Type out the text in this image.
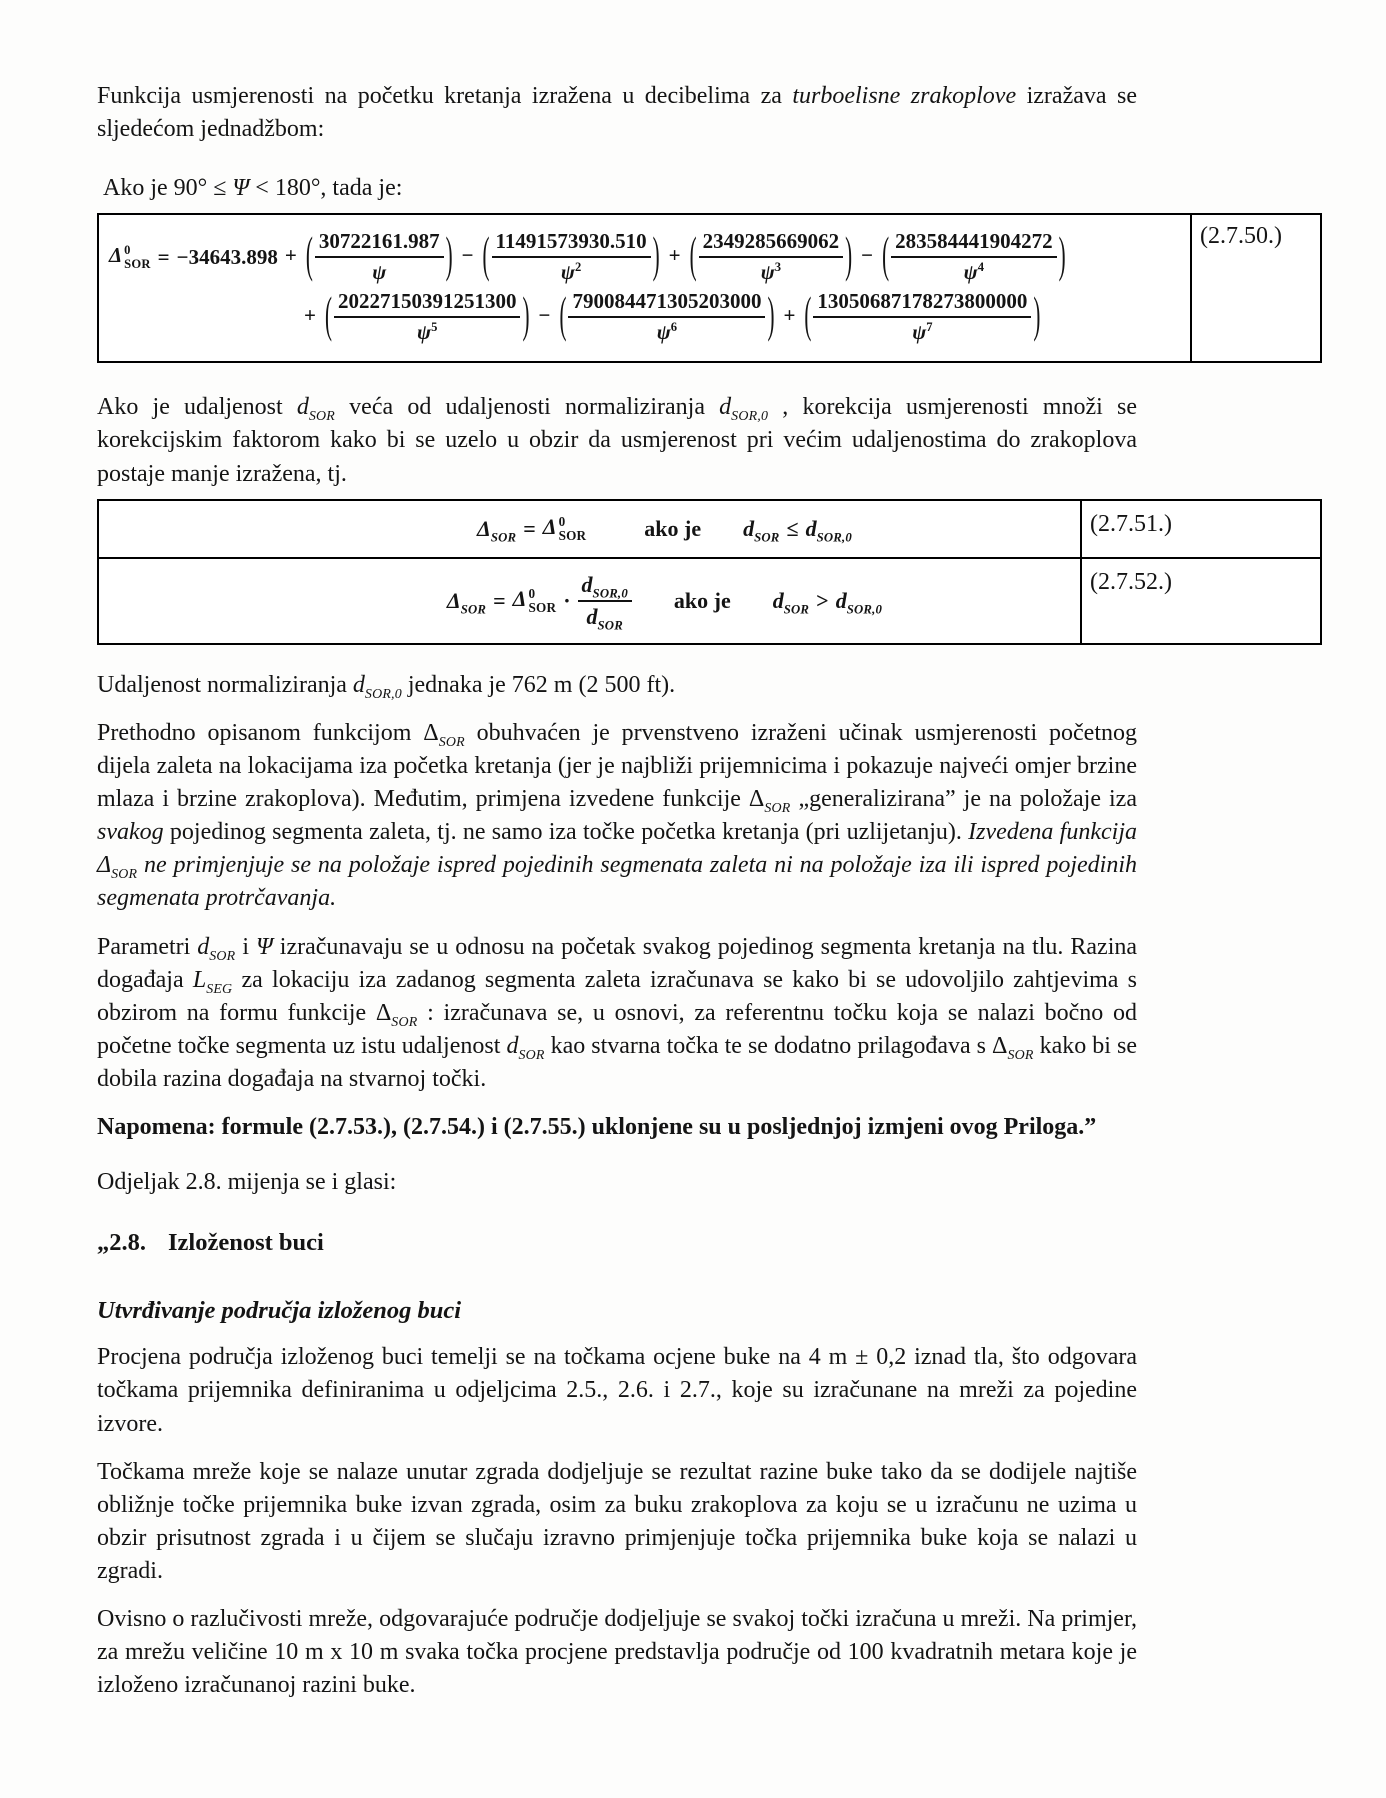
Funkcija usmjerenosti na početku kretanja izražena u decibelima za turboelisne zrakoplove izražava se sljedećom jednadžbom:

Ako je 90° ≤ Ψ < 180°, tada je:

Δ 0
SOR = −34643.898 + ( $\frac{30722161.987}{\psi}$ ) − ( $\frac{11491573930.510}{\psi^2}$ ) + ( $\frac{2349285669062}{\psi^3}$ ) − ( $\frac{283584441904272}{\psi^4}$ )
+ ( $\frac{20227150391251300}{\psi^5}$ ) − ( $\frac{790084471305203000}{\psi^6}$ ) + ( $\frac{13050687178273800000}{\psi^7}$ )
(2.7.50.)

Ako je udaljenost $d_{SOR}$ veća od udaljenosti normaliziranja $d_{SOR,0}$ , korekcija usmjerenosti množi se korekcijskim faktorom kako bi se uzelo u obzir da usmjerenost pri većim udaljenostima do zrakoplova postaje manje izražena, tj.

$\Delta_{SOR} = \Delta$ 0
SOR	ako je $d_{SOR} \le d_{SOR,0}$
(2.7.51.)
$\Delta_{SOR} = \Delta$ 0
SOR · $\frac{d_{SOR,0}}{d_{SOR}}$ ako je $d_{SOR} > d_{SOR,0}$
(2.7.52.)

Udaljenost normaliziranja $d_{SOR,0}$ jednaka je 762 m (2 500 ft).

Prethodno opisanom funkcijom $\Delta_{SOR}$ obuhvaćen je prvenstveno izraženi učinak usmjerenosti početnog dijela zaleta na lokacijama iza početka kretanja (jer je najbliži prijemnicima i pokazuje najveći omjer brzine mlaza i brzine zrakoplova). Međutim, primjena izvedene funkcije $\Delta_{SOR}$ „generalizirana” je na položaje iza svakog pojedinog segmenta zaleta, tj. ne samo iza točke početka kretanja (pri uzlijetanju). Izvedena funkcija $\Delta_{SOR}$ ne primjenjuje se na položaje ispred pojedinih segmenata zaleta ni na položaje iza ili ispred pojedinih segmenata protrčavanja.

Parametri $d_{SOR}$ i Ψ izračunavaju se u odnosu na početak svakog pojedinog segmenta kretanja na tlu. Razina događaja $L_{SEG}$ za lokaciju iza zadanog segmenta zaleta izračunava se kako bi se udovoljilo zahtjevima s obzirom na formu funkcije $\Delta_{SOR}$ : izračunava se, u osnovi, za referentnu točku koja se nalazi bočno od početne točke segmenta uz istu udaljenost $d_{SOR}$ kao stvarna točka te se dodatno prilagođava s $\Delta_{SOR}$ kako bi se dobila razina događaja na stvarnoj točki.

Napomena: formule (2.7.53.), (2.7.54.) i (2.7.55.) uklonjene su u posljednjoj izmjeni ovog Priloga.”

Odjeljak 2.8. mijenja se i glasi:

„2.8. Izloženost buci
Utvrđivanje područja izloženog buci

Procjena područja izloženog buci temelji se na točkama ocjene buke na 4 m ± 0,2 iznad tla, što odgovara točkama prijemnika definiranima u odjeljcima 2.5., 2.6. i 2.7., koje su izračunane na mreži za pojedine izvore.

Točkama mreže koje se nalaze unutar zgrada dodjeljuje se rezultat razine buke tako da se dodijele najtiše obližnje točke prijemnika buke izvan zgrada, osim za buku zrakoplova za koju se u izračunu ne uzima u obzir prisutnost zgrada i u čijem se slučaju izravno primjenjuje točka prijemnika buke koja se nalazi u zgradi.

Ovisno o razlučivosti mreže, odgovarajuće područje dodjeljuje se svakoj točki izračuna u mreži. Na primjer, za mrežu veličine 10 m x 10 m svaka točka procjene predstavlja područje od 100 kvadratnih metara koje je izloženo izračunanoj razini buke.
